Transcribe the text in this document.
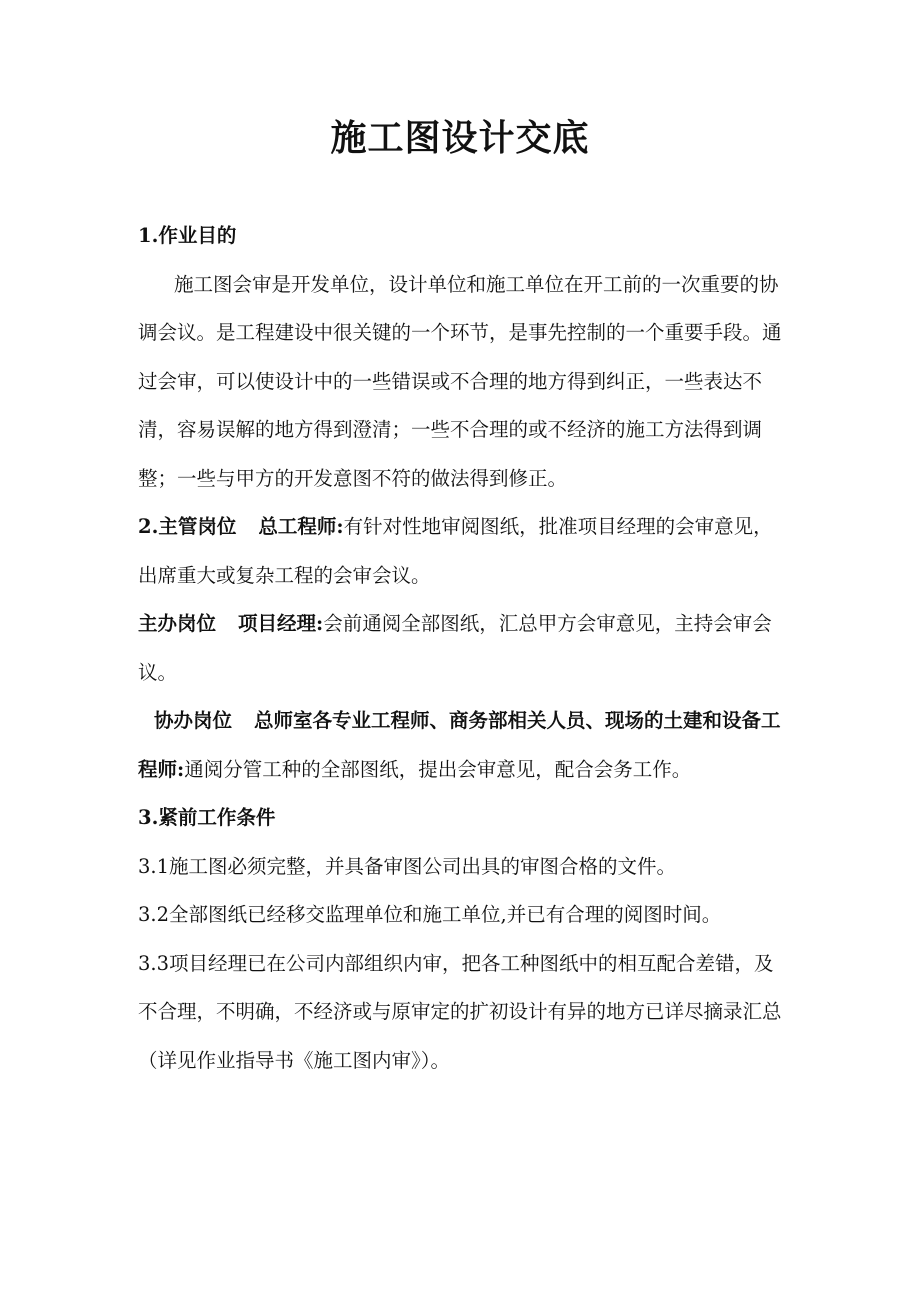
施工图设计交底

1.作业目的

施工图会审是开发单位，设计单位和施工单位在开工前的一次重要的协调会议。是工程建设中很关键的一个环节，是事先控制的一个重要手段。通过会审，可以使设计中的一些错误或不合理的地方得到纠正，一些表达不清，容易误解的地方得到澄清；一些不合理的或不经济的施工方法得到调整；一些与甲方的开发意图不符的做法得到修正。

2.主管岗位 总工程师:有针对性地审阅图纸，批准项目经理的会审意见，出席重大或复杂工程的会审会议。

主办岗位 项目经理:会前通阅全部图纸，汇总甲方会审意见，主持会审会议。

协办岗位 总师室各专业工程师、商务部相关人员、现场的土建和设备工程师:通阅分管工种的全部图纸，提出会审意见，配合会务工作。

3.紧前工作条件

3.1施工图必须完整，并具备审图公司出具的审图合格的文件。

3.2全部图纸已经移交监理单位和施工单位,并已有合理的阅图时间。

3.3项目经理已在公司内部组织内审，把各工种图纸中的相互配合差错，及不合理，不明确，不经济或与原审定的扩初设计有异的地方已详尽摘录汇总（详见作业指导书《施工图内审》）。
